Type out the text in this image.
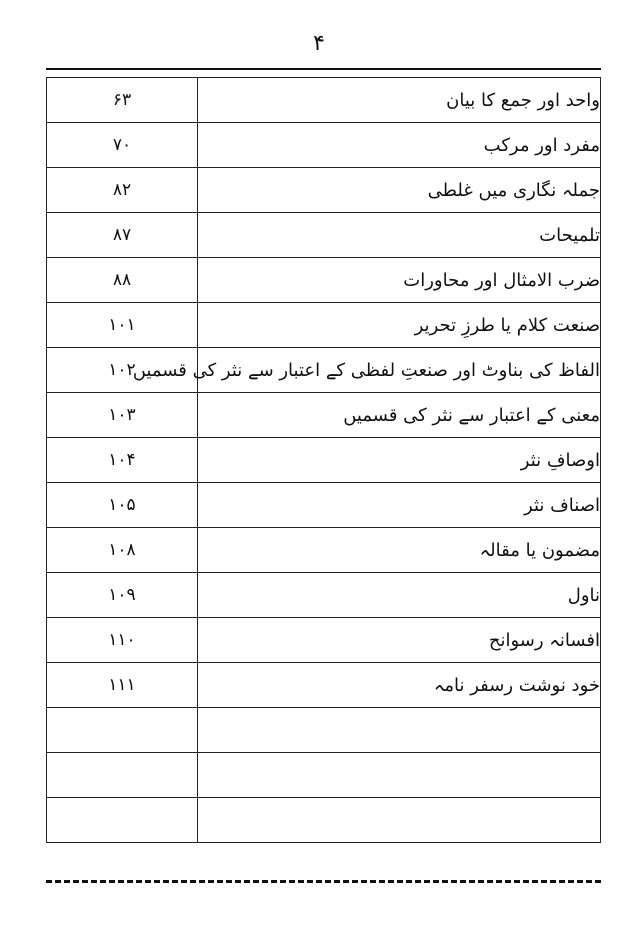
۴
۶۳	واحد اور جمع کا بیان
۷۰	مفرد اور مرکب
۸۲	جملہ نگاری میں غلطی
۸۷	تلمیحات
۸۸	ضرب الامثال اور محاورات
۱۰۱	صنعت کلام یا طرزِ تحریر
۱۰۲	الفاظ کی بناوٹ اور صنعتِ لفظی کے اعتبار سے نثر کی قسمیں
۱۰۳	معنی کے اعتبار سے نثر کی قسمیں
۱۰۴	اوصافِ نثر
۱۰۵	اصناف نثر
۱۰۸	مضمون یا مقالہ
۱۰۹	ناول
۱۱۰	افسانہ رسوانح
۱۱۱	خود نوشت رسفر نامہ
